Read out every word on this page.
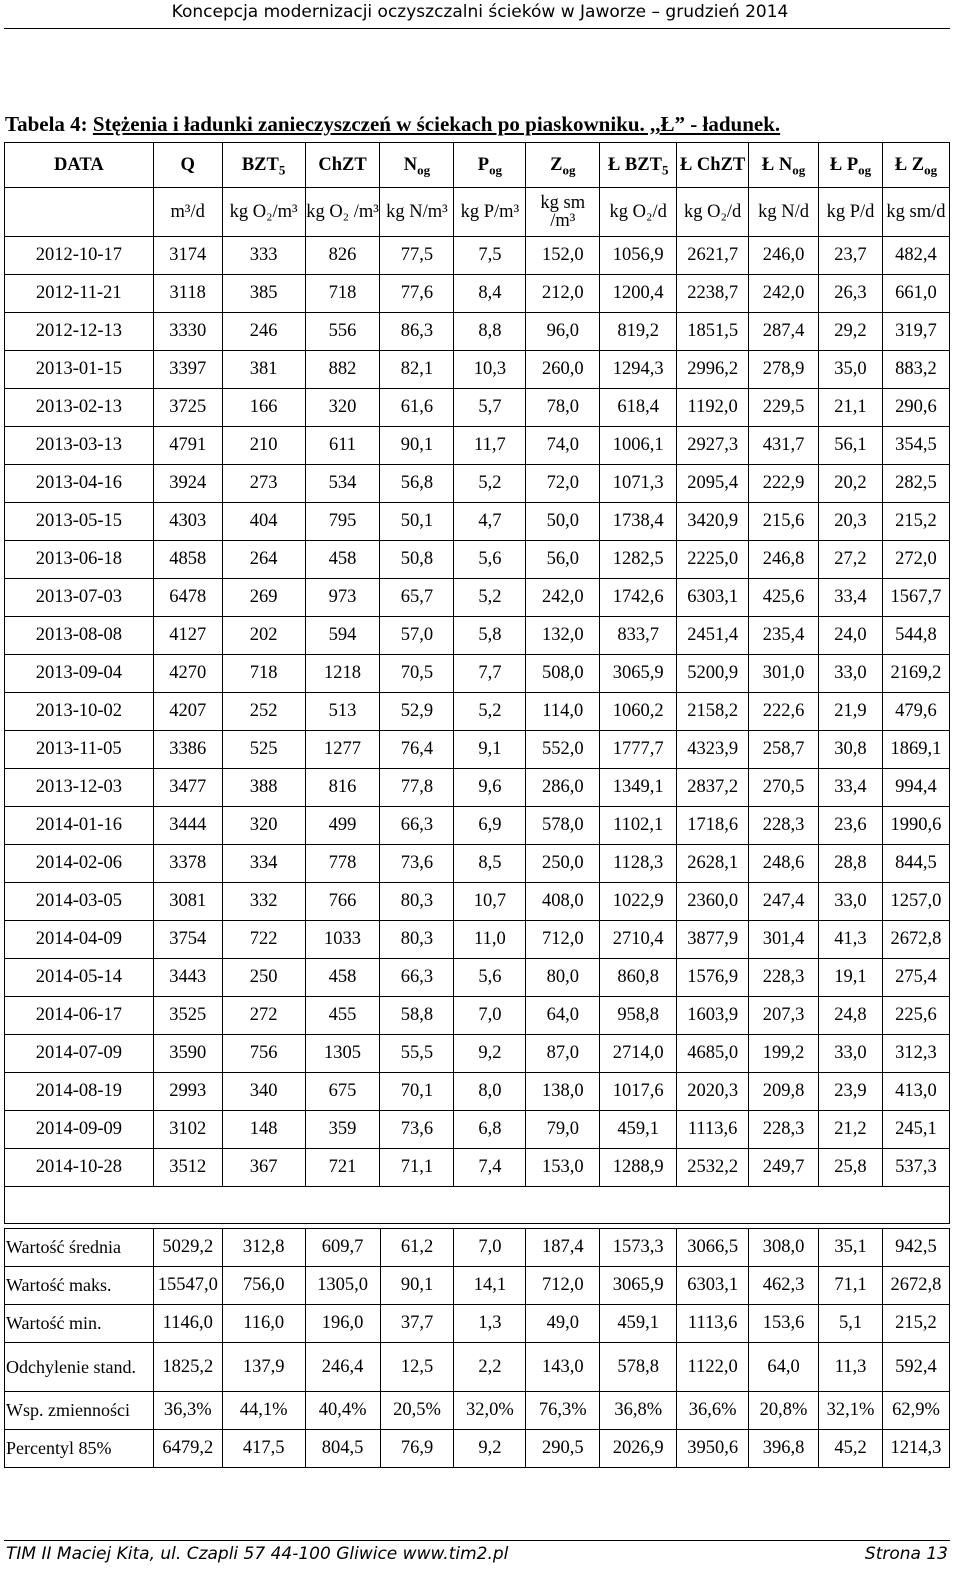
Koncepcja modernizacji oczyszczalni ścieków w Jaworze – grudzień 2014
Tabela 4: Stężenia i ładunki zanieczyszczeń w ściekach po piaskowniku. ,,Ł” - ładunek.
DATA	Q	$BZT_5$	ChZT	$N_{og}$	$P_{og}$	$Z_{og}$	Ł $BZT_5$	Ł ChZT	Ł $N_{og}$	Ł $P_{og}$	Ł $Z_{og}$
	m³/d	kg O₂/m³	kg O₂ /m³	kg N/m³	kg P/m³	kg sm /m³	kg O₂/d	kg O₂/d	kg N/d	kg P/d	kg sm/d
2012-10-17	3174	333	826	77,5	7,5	152,0	1056,9	2621,7	246,0	23,7	482,4
2012-11-21	3118	385	718	77,6	8,4	212,0	1200,4	2238,7	242,0	26,3	661,0
2012-12-13	3330	246	556	86,3	8,8	96,0	819,2	1851,5	287,4	29,2	319,7
2013-01-15	3397	381	882	82,1	10,3	260,0	1294,3	2996,2	278,9	35,0	883,2
2013-02-13	3725	166	320	61,6	5,7	78,0	618,4	1192,0	229,5	21,1	290,6
2013-03-13	4791	210	611	90,1	11,7	74,0	1006,1	2927,3	431,7	56,1	354,5
2013-04-16	3924	273	534	56,8	5,2	72,0	1071,3	2095,4	222,9	20,2	282,5
2013-05-15	4303	404	795	50,1	4,7	50,0	1738,4	3420,9	215,6	20,3	215,2
2013-06-18	4858	264	458	50,8	5,6	56,0	1282,5	2225,0	246,8	27,2	272,0
2013-07-03	6478	269	973	65,7	5,2	242,0	1742,6	6303,1	425,6	33,4	1567,7
2013-08-08	4127	202	594	57,0	5,8	132,0	833,7	2451,4	235,4	24,0	544,8
2013-09-04	4270	718	1218	70,5	7,7	508,0	3065,9	5200,9	301,0	33,0	2169,2
2013-10-02	4207	252	513	52,9	5,2	114,0	1060,2	2158,2	222,6	21,9	479,6
2013-11-05	3386	525	1277	76,4	9,1	552,0	1777,7	4323,9	258,7	30,8	1869,1
2013-12-03	3477	388	816	77,8	9,6	286,0	1349,1	2837,2	270,5	33,4	994,4
2014-01-16	3444	320	499	66,3	6,9	578,0	1102,1	1718,6	228,3	23,6	1990,6
2014-02-06	3378	334	778	73,6	8,5	250,0	1128,3	2628,1	248,6	28,8	844,5
2014-03-05	3081	332	766	80,3	10,7	408,0	1022,9	2360,0	247,4	33,0	1257,0
2014-04-09	3754	722	1033	80,3	11,0	712,0	2710,4	3877,9	301,4	41,3	2672,8
2014-05-14	3443	250	458	66,3	5,6	80,0	860,8	1576,9	228,3	19,1	275,4
2014-06-17	3525	272	455	58,8	7,0	64,0	958,8	1603,9	207,3	24,8	225,6
2014-07-09	3590	756	1305	55,5	9,2	87,0	2714,0	4685,0	199,2	33,0	312,3
2014-08-19	2993	340	675	70,1	8,0	138,0	1017,6	2020,3	209,8	23,9	413,0
2014-09-09	3102	148	359	73,6	6,8	79,0	459,1	1113,6	228,3	21,2	245,1
2014-10-28	3512	367	721	71,1	7,4	153,0	1288,9	2532,2	249,7	25,8	537,3

Wartość średnia	5029,2	312,8	609,7	61,2	7,0	187,4	1573,3	3066,5	308,0	35,1	942,5
Wartość maks.	15547,0	756,0	1305,0	90,1	14,1	712,0	3065,9	6303,1	462,3	71,1	2672,8
Wartość min.	1146,0	116,0	196,0	37,7	1,3	49,0	459,1	1113,6	153,6	5,1	215,2
Odchylenie stand.	1825,2	137,9	246,4	12,5	2,2	143,0	578,8	1122,0	64,0	11,3	592,4
Wsp. zmienności	36,3%	44,1%	40,4%	20,5%	32,0%	76,3%	36,8%	36,6%	20,8%	32,1%	62,9%
Percentyl 85%	6479,2	417,5	804,5	76,9	9,2	290,5	2026,9	3950,6	396,8	45,2	1214,3
TIM II Maciej Kita, ul. Czapli 57 44-100 Gliwice www.tim2.pl	Strona 13
